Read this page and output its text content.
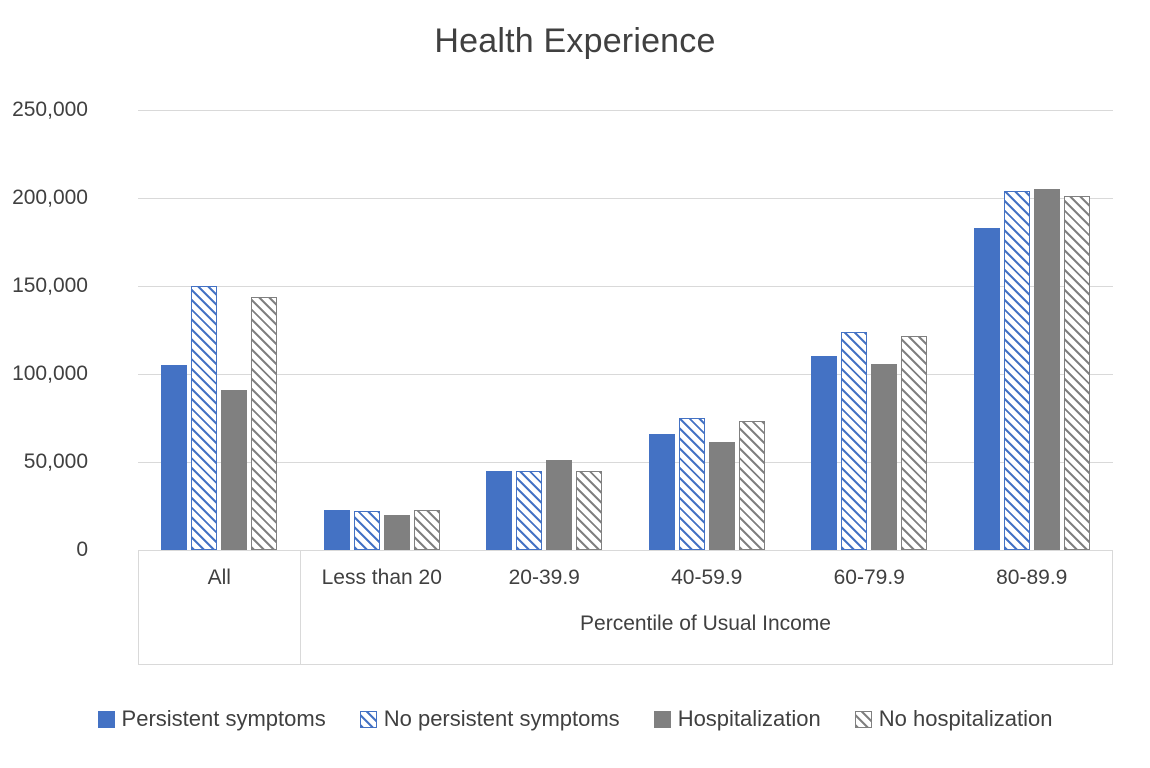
Health Experience
250,000
200,000
150,000
100,000
50,000
0
All	Less than 20	20-39.9	40-59.9	60-79.9	80-89.9
Percentile of Usual Income
Persistent symptoms	No persistent symptoms	Hospitalization	No hospitalization
